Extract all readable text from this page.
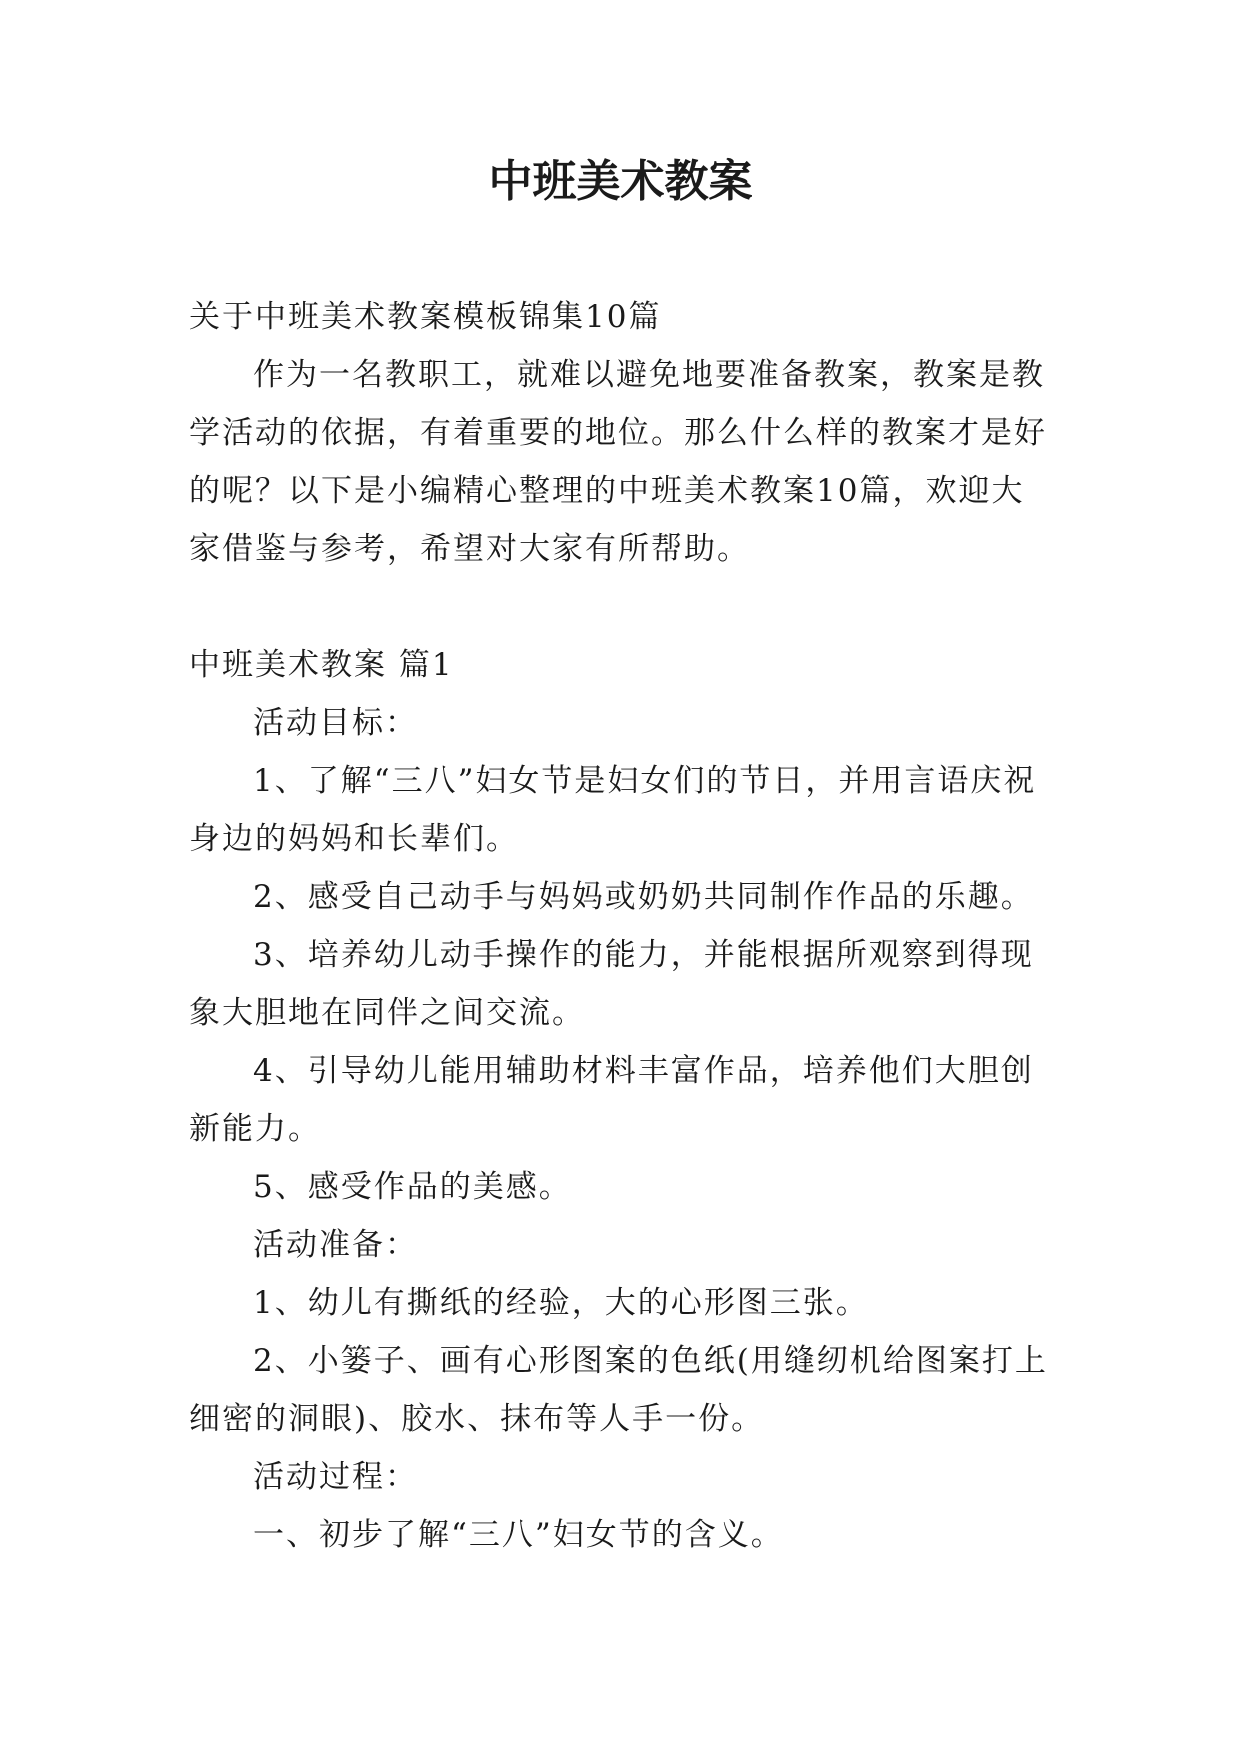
中班美术教案

关于中班美术教案模板锦集10篇

作为一名教职工，就难以避免地要准备教案，教案是教学活动的依据，有着重要的地位。那么什么样的教案才是好的呢？以下是小编精心整理的中班美术教案10篇，欢迎大家借鉴与参考，希望对大家有所帮助。

中班美术教案 篇1

活动目标：

1、了解“三八”妇女节是妇女们的节日，并用言语庆祝身边的妈妈和长辈们。

2、感受自己动手与妈妈或奶奶共同制作作品的乐趣。

3、培养幼儿动手操作的能力，并能根据所观察到得现象大胆地在同伴之间交流。

4、引导幼儿能用辅助材料丰富作品，培养他们大胆创新能力。

5、感受作品的美感。

活动准备：

1、幼儿有撕纸的经验，大的心形图三张。

2、小篓子、画有心形图案的色纸(用缝纫机给图案打上细密的洞眼)、胶水、抹布等人手一份。

活动过程：

一、初步了解“三八”妇女节的含义。
